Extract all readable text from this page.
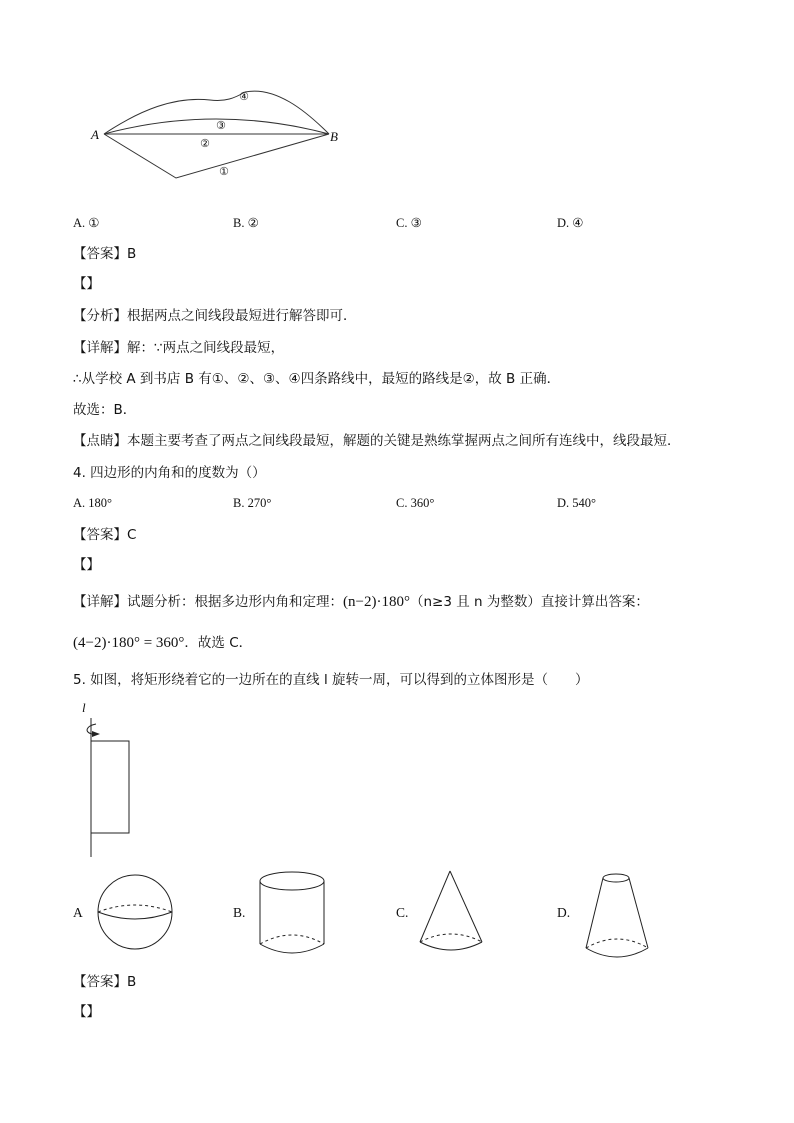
A	B
④
③
②
①
A. ①	B. ②	C. ③	D. ④
【答案】B
【】
【分析】根据两点之间线段最短进行解答即可．
【详解】解：∵两点之间线段最短，
∴从学校 A 到书店 B 有①、②、③、④四条路线中，最短的路线是②，故 B 正确．
故选：B．
【点睛】本题主要考查了两点之间线段最短，解题的关键是熟练掌握两点之间所有连线中，线段最短．
4. 四边形的内角和的度数为（）
A. 180°	B. 270°	C. 360°	D. 540°
【答案】C
【】
【详解】试题分析：根据多边形内角和定理：(n−2)·180°（n≥3 且 n 为整数）直接计算出答案：
(4−2)·180° = 360°．故选 C．
5. 如图，将矩形绕着它的一边所在的直线 l 旋转一周，可以得到的立体图形是（　　）
l
A	B.	C.	D.
【答案】B
【】
